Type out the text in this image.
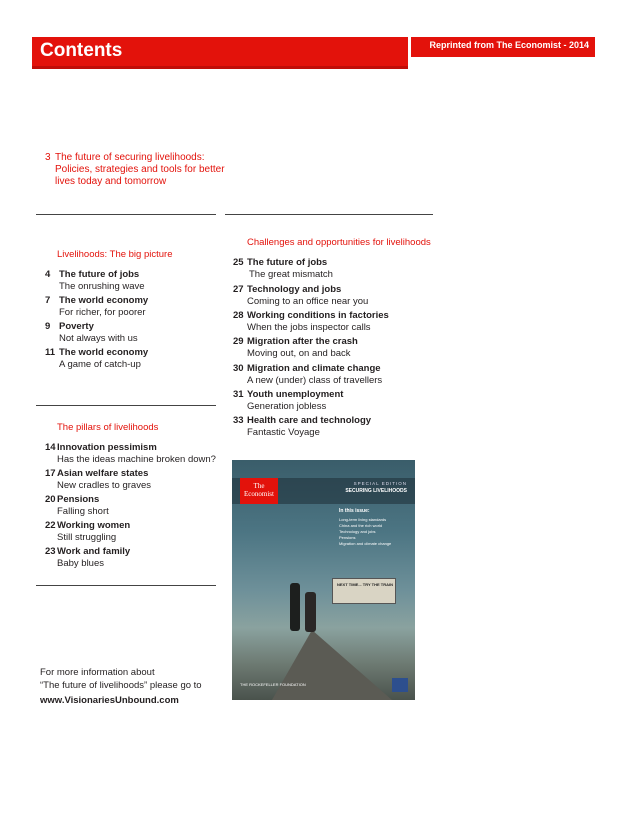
Contents	Reprinted from The Economist - 2014
3 The future of securing livelihoods: Policies, strategies and tools for better lives today and tomorrow
Livelihoods: The big picture
4 The future of jobs
The onrushing wave
7 The world economy
For richer, for poorer
9 Poverty
Not always with us
11 The world economy
A game of catch-up
The pillars of livelihoods
14 Innovation pessimism
Has the ideas machine broken down?
17 Asian welfare states
New cradles to graves
20 Pensions
Falling short
22 Working women
Still struggling
23 Work and family
Baby blues
Challenges and opportunities for livelihoods
25 The future of jobs
The great mismatch
27 Technology and jobs
Coming to an office near you
28 Working conditions in factories
When the jobs inspector calls
29 Migration after the crash
Moving out, on and back
30 Migration and climate change
A new (under) class of travellers
31 Youth unemployment
Generation jobless
33 Health care and technology
Fantastic Voyage
The Economist
SPECIAL EDITION
SECURING LIVELIHOODS
In this issue:
Long-term living standards
China and the rich world
Technology and jobs
Pensions
Migration and climate change
NEXT TIME... TRY THE TRAIN
THE ROCKEFELLER FOUNDATION
For more information about
“The future of livelihoods” please go to
www.VisionariesUnbound.com
